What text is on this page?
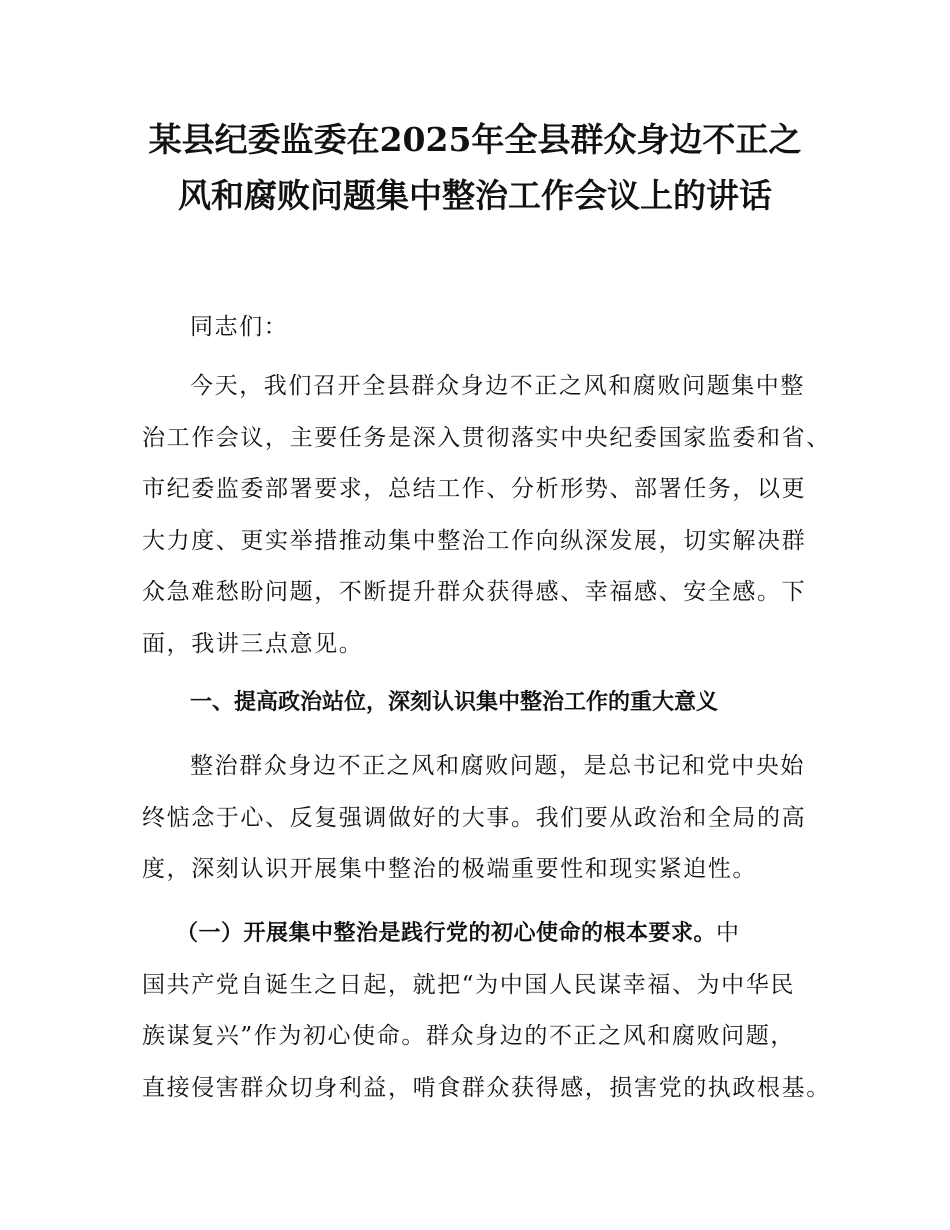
某县纪委监委在2025年全县群众身边不正之
风和腐败问题集中整治工作会议上的讲话

同志们：

今天，我们召开全县群众身边不正之风和腐败问题集中整
治工作会议，主要任务是深入贯彻落实中央纪委国家监委和省、
市纪委监委部署要求，总结工作、分析形势、部署任务，以更
大力度、更实举措推动集中整治工作向纵深发展，切实解决群
众急难愁盼问题，不断提升群众获得感、幸福感、安全感。下
面，我讲三点意见。

一、提高政治站位，深刻认识集中整治工作的重大意义

整治群众身边不正之风和腐败问题，是总书记和党中央始
终惦念于心、反复强调做好的大事。我们要从政治和全局的高
度，深刻认识开展集中整治的极端重要性和现实紧迫性。

（一）开展集中整治是践行党的初心使命的根本要求。中
国共产党自诞生之日起，就把“为中国人民谋幸福、为中华民
族谋复兴”作为初心使命。群众身边的不正之风和腐败问题，
直接侵害群众切身利益，啃食群众获得感，损害党的执政根基。
